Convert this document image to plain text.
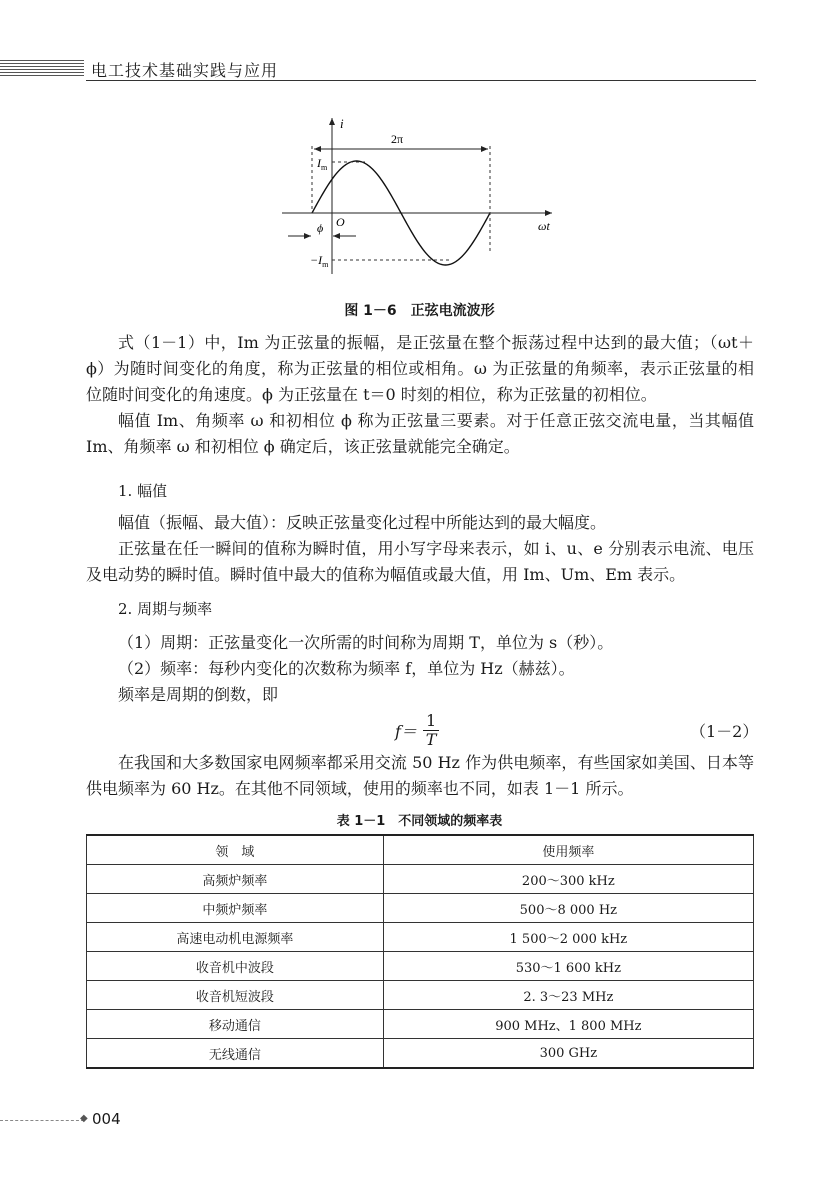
电工技术基础实践与应用
i
2π
$I_m$
O
ϕ
$-I_m$
ωt
图 1－6　正弦电流波形
式（1－1）中，Im 为正弦量的振幅，是正弦量在整个振荡过程中达到的最大值；（ωt＋ϕ）为随时间变化的角度，称为正弦量的相位或相角。ω 为正弦量的角频率，表示正弦量的相位随时间变化的角速度。ϕ 为正弦量在 t＝0 时刻的相位，称为正弦量的初相位。
幅值 Im、角频率 ω 和初相位 ϕ 称为正弦量三要素。对于任意正弦交流电量，当其幅值 Im、角频率 ω 和初相位 ϕ 确定后，该正弦量就能完全确定。
1. 幅值
幅值（振幅、最大值）：反映正弦量变化过程中所能达到的最大幅度。
正弦量在任一瞬间的值称为瞬时值，用小写字母来表示，如 i、u、e 分别表示电流、电压及电动势的瞬时值。瞬时值中最大的值称为幅值或最大值，用 Im、Um、Em 表示。
2. 周期与频率
（1）周期：正弦量变化一次所需的时间称为周期 T，单位为 s（秒）。
（2）频率：每秒内变化的次数称为频率 f，单位为 Hz（赫兹）。
频率是周期的倒数，即
$f= \frac{1}{T}$	（1－2）
在我国和大多数国家电网频率都采用交流 50 Hz 作为供电频率，有些国家如美国、日本等供电频率为 60 Hz。在其他不同领域，使用的频率也不同，如表 1－1 所示。
表 1－1　不同领域的频率表
领　域	使用频率
高频炉频率	200～300 kHz
中频炉频率	500～8 000 Hz
高速电动机电源频率	1 500～2 000 kHz
收音机中波段	530～1 600 kHz
收音机短波段	2. 3～23 MHz
移动通信	900 MHz、1 800 MHz
无线通信	300 GHz
◆ 004
